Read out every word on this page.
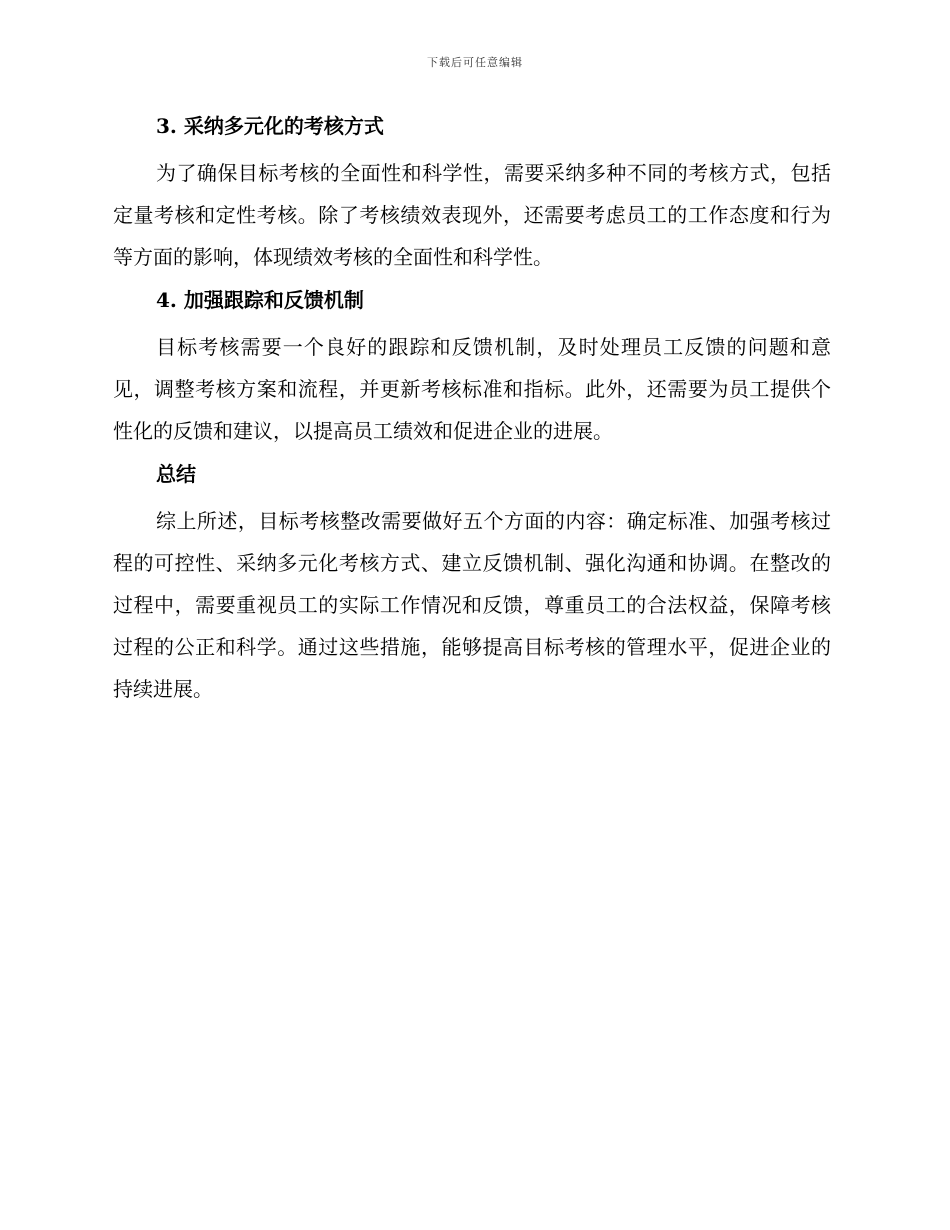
下载后可任意编辑
3. 采纳多元化的考核方式

为了确保目标考核的全面性和科学性，需要采纳多种不同的考核方式，包括定量考核和定性考核。除了考核绩效表现外，还需要考虑员工的工作态度和行为等方面的影响，体现绩效考核的全面性和科学性。

4. 加强跟踪和反馈机制

目标考核需要一个良好的跟踪和反馈机制，及时处理员工反馈的问题和意见，调整考核方案和流程，并更新考核标准和指标。此外，还需要为员工提供个性化的反馈和建议，以提高员工绩效和促进企业的进展。

总结

综上所述，目标考核整改需要做好五个方面的内容：确定标准、加强考核过程的可控性、采纳多元化考核方式、建立反馈机制、强化沟通和协调。在整改的过程中，需要重视员工的实际工作情况和反馈，尊重员工的合法权益，保障考核过程的公正和科学。通过这些措施，能够提高目标考核的管理水平，促进企业的持续进展。
